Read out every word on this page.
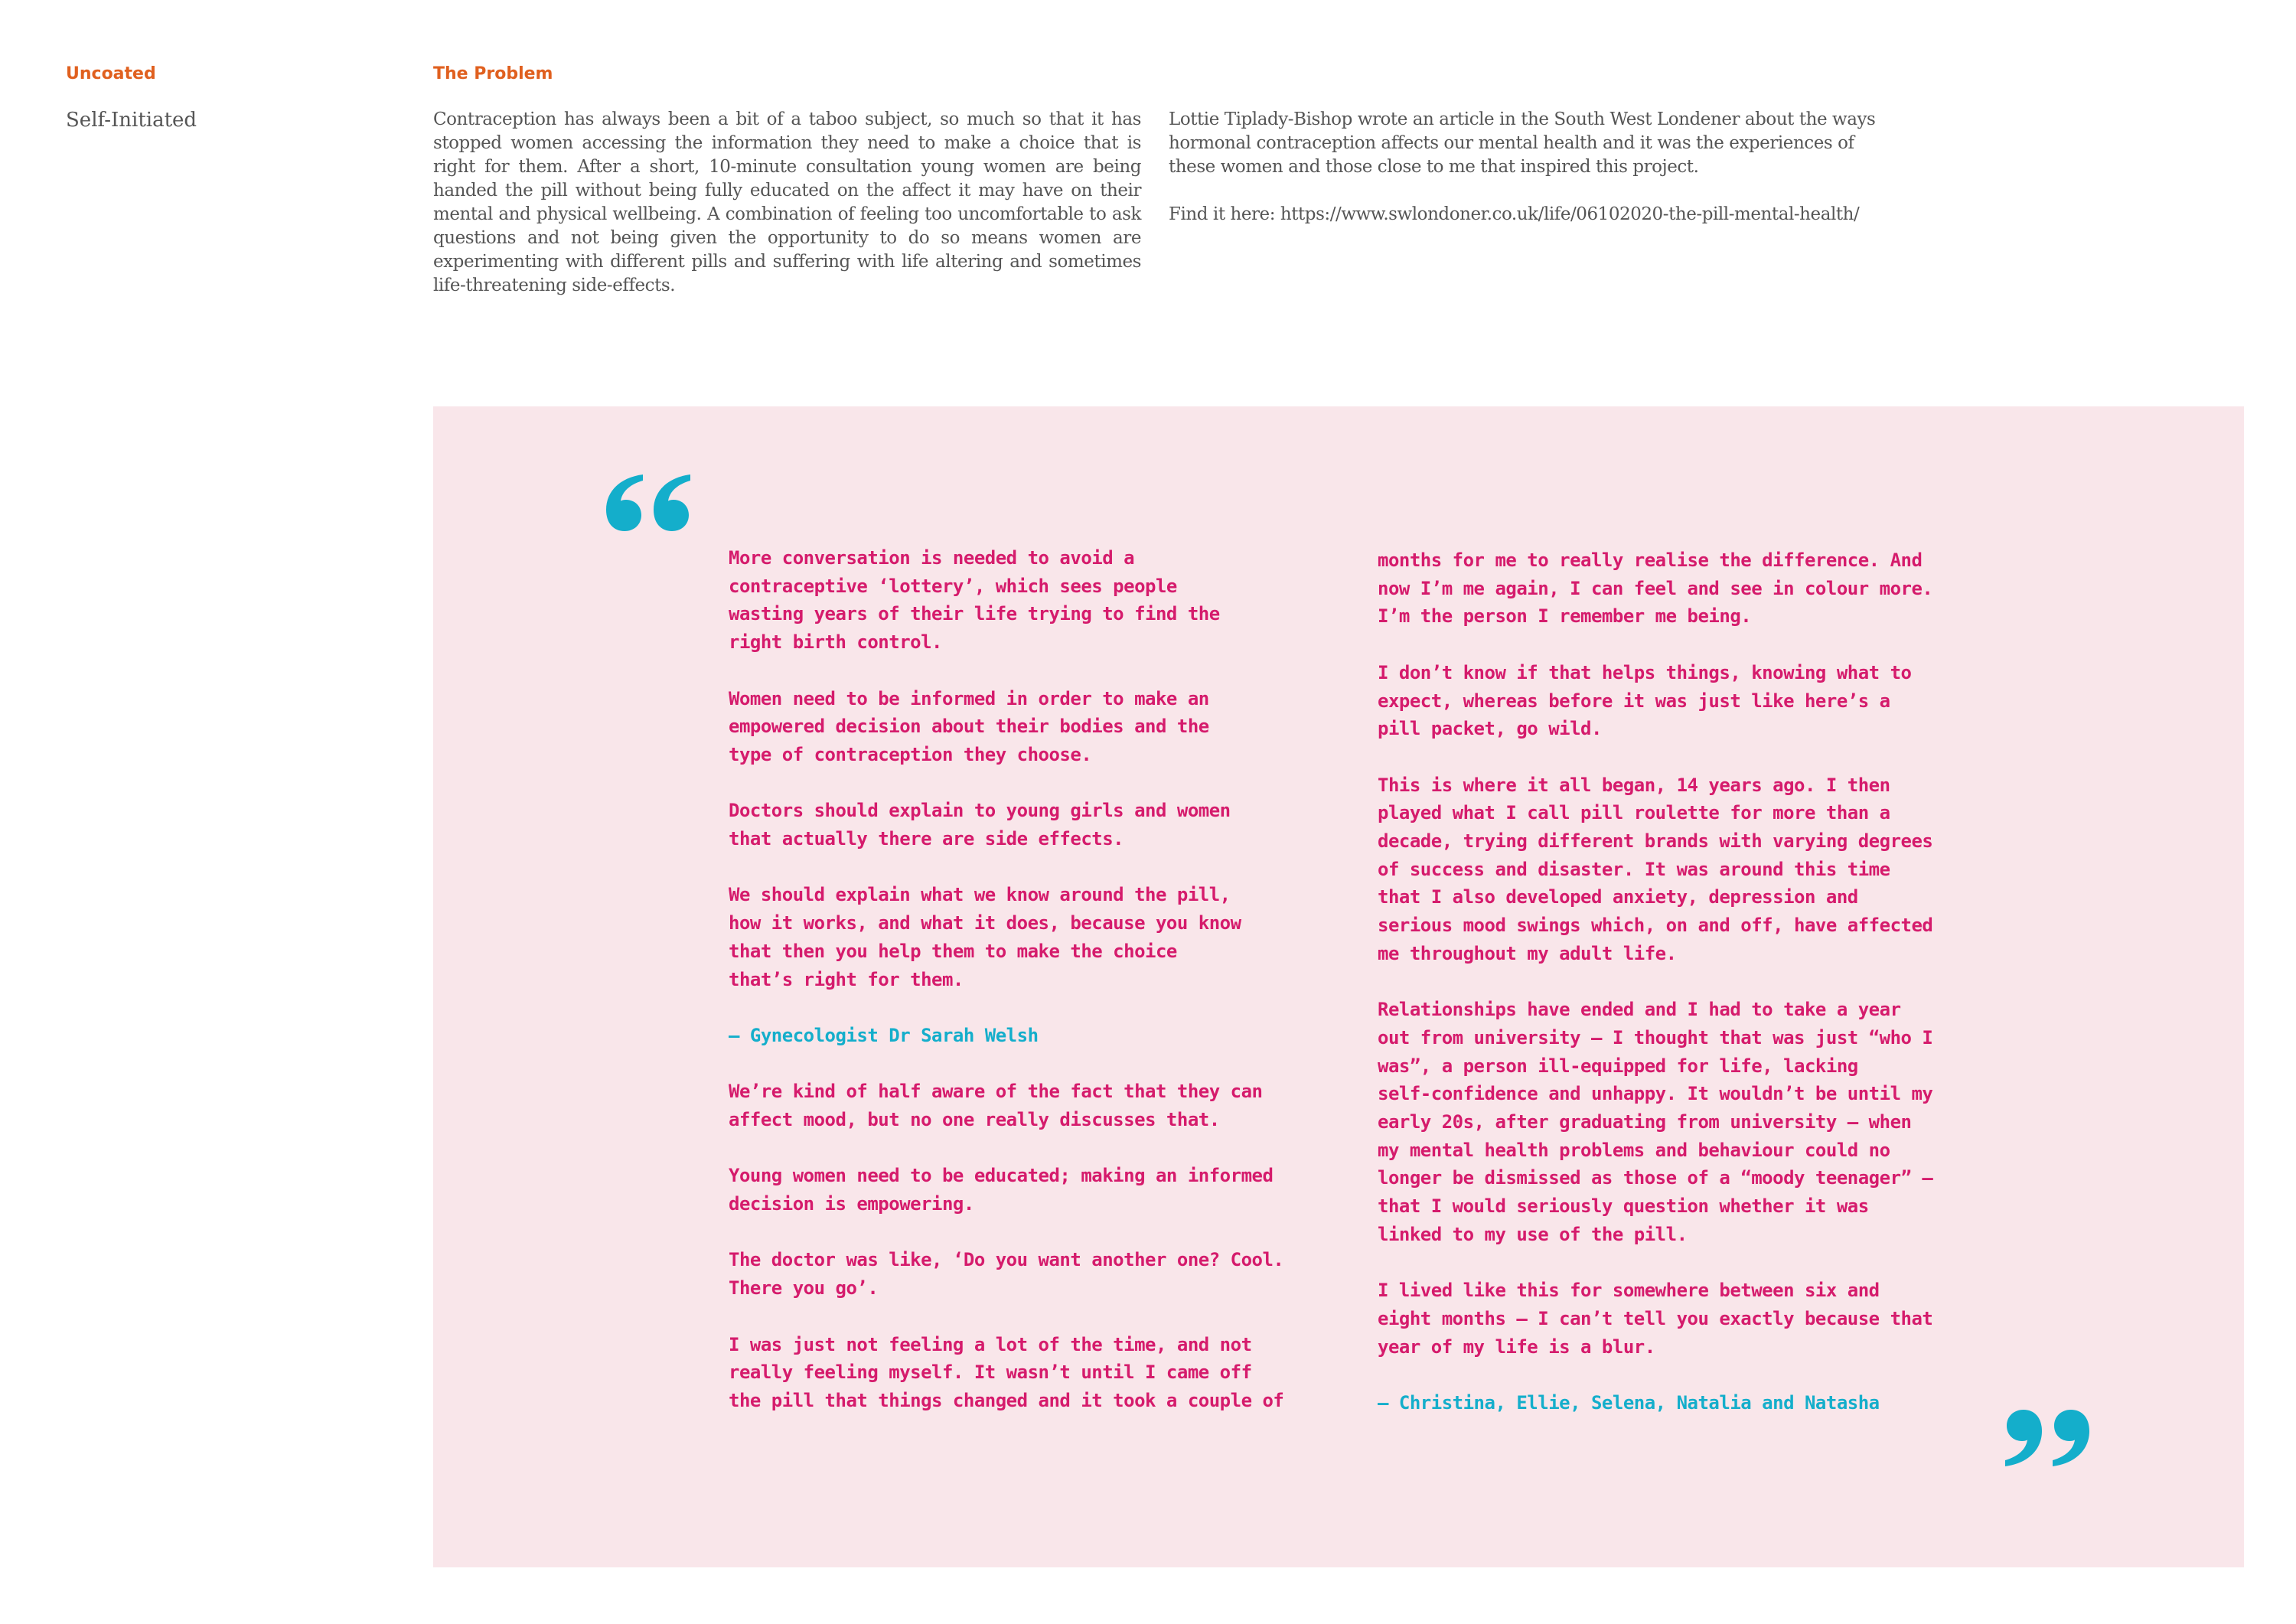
Uncoated
Self-Initiated
The Problem

Contraception has always been a bit of a taboo subject, so much so that it has stopped women accessing the information they need to make a choice that is right for them. After a short, 10-minute consultation young women are being handed the pill without being fully educated on the affect it may have on their mental and physical wellbeing. A combination of feeling too uncomfortable to ask questions and not being given the opportunity to do so means women are experimenting with different pills and suffering with life altering and sometimes life-threatening side-effects.

Lottie Tiplady-Bishop wrote an article in the South West Londener about the ways
hormonal contraception affects our mental health and it was the experiences of
these women and those close to me that inspired this project.

Find it here: https://www.swlondoner.co.uk/life/06102020-the-pill-mental-health/

More conversation is needed to avoid a
contraceptive ‘lottery’, which sees people
wasting years of their life trying to find the
right birth control.
Women need to be informed in order to make an
empowered decision about their bodies and the
type of contraception they choose.
Doctors should explain to young girls and women
that actually there are side effects.
We should explain what we know around the pill,
how it works, and what it does, because you know
that then you help them to make the choice
that’s right for them.
– Gynecologist Dr Sarah Welsh
We’re kind of half aware of the fact that they can
affect mood, but no one really discusses that.
Young women need to be educated; making an informed
decision is empowering.
The doctor was like, ‘Do you want another one? Cool.
There you go’.
I was just not feeling a lot of the time, and not
really feeling myself. It wasn’t until I came off
the pill that things changed and it took a couple of
months for me to really realise the difference. And
now I’m me again, I can feel and see in colour more.
I’m the person I remember me being.
I don’t know if that helps things, knowing what to
expect, whereas before it was just like here’s a
pill packet, go wild.
This is where it all began, 14 years ago. I then
played what I call pill roulette for more than a
decade, trying different brands with varying degrees
of success and disaster. It was around this time
that I also developed anxiety, depression and
serious mood swings which, on and off, have affected
me throughout my adult life.
Relationships have ended and I had to take a year
out from university – I thought that was just “who I
was”, a person ill-equipped for life, lacking
self-confidence and unhappy. It wouldn’t be until my
early 20s, after graduating from university – when
my mental health problems and behaviour could no
longer be dismissed as those of a “moody teenager” –
that I would seriously question whether it was
linked to my use of the pill.
I lived like this for somewhere between six and
eight months – I can’t tell you exactly because that
year of my life is a blur.
– Christina, Ellie, Selena, Natalia and Natasha
